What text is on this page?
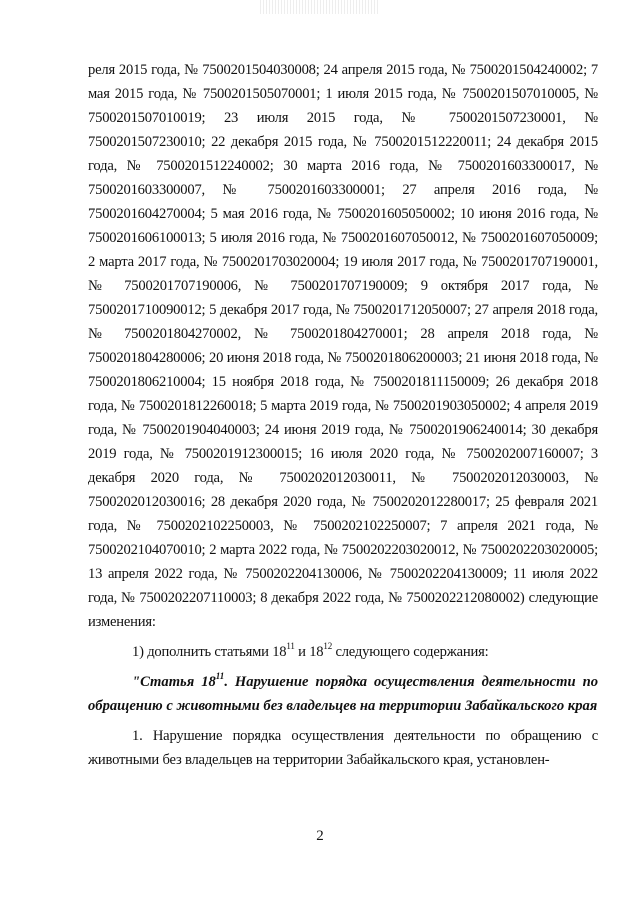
реля 2015 года, № 7500201504030008; 24 апреля 2015 года, № 7500201504240002; 7 мая 2015 года, № 7500201505070001; 1 июля 2015 года, № 7500201507010005, № 7500201507010019; 23 июля 2015 года, № 7500201507230001, № 7500201507230010; 22 декабря 2015 года, № 7500201512220011; 24 декабря 2015 года, № 7500201512240002; 30 марта 2016 года, № 7500201603300017, № 7500201603300007, № 7500201603300001; 27 апреля 2016 года, № 7500201604270004; 5 мая 2016 года, № 7500201605050002; 10 июня 2016 года, № 7500201606100013; 5 июля 2016 года, № 7500201607050012, № 7500201607050009; 2 марта 2017 года, № 7500201703020004; 19 июля 2017 года, № 7500201707190001, № 7500201707190006, № 7500201707190009; 9 октября 2017 года, № 7500201710090012; 5 декабря 2017 года, № 7500201712050007; 27 апреля 2018 года, № 7500201804270002, № 7500201804270001; 28 апреля 2018 года, № 7500201804280006; 20 июня 2018 года, № 7500201806200003; 21 июня 2018 года, № 7500201806210004; 15 ноября 2018 года, № 7500201811150009; 26 декабря 2018 года, № 7500201812260018; 5 марта 2019 года, № 7500201903050002; 4 апреля 2019 года, № 7500201904040003; 24 июня 2019 года, № 7500201906240014; 30 декабря 2019 года, № 7500201912300015; 16 июля 2020 года, № 7500202007160007; 3 декабря 2020 года, № 7500202012030011, № 7500202012030003, № 7500202012030016; 28 декабря 2020 года, № 7500202012280017; 25 февраля 2021 года, № 7500202102250003, № 7500202102250007; 7 апреля 2021 года, № 7500202104070010; 2 марта 2022 года, № 7500202203020012, № 7500202203020005; 13 апреля 2022 года, № 7500202204130006, № 7500202204130009; 11 июля 2022 года, № 7500202207110003; 8 декабря 2022 года, № 7500202212080002) следующие изменения:

1) дополнить статьями $18^{11}$ и $18^{12}$ следующего содержания:

"Статья $18^{11}$. Нарушение порядка осуществления деятельности по обращению с животными без владельцев на территории Забайкальского края

1. Нарушение порядка осуществления деятельности по обращению с животными без владельцев на территории Забайкальского края, установлен-

2
